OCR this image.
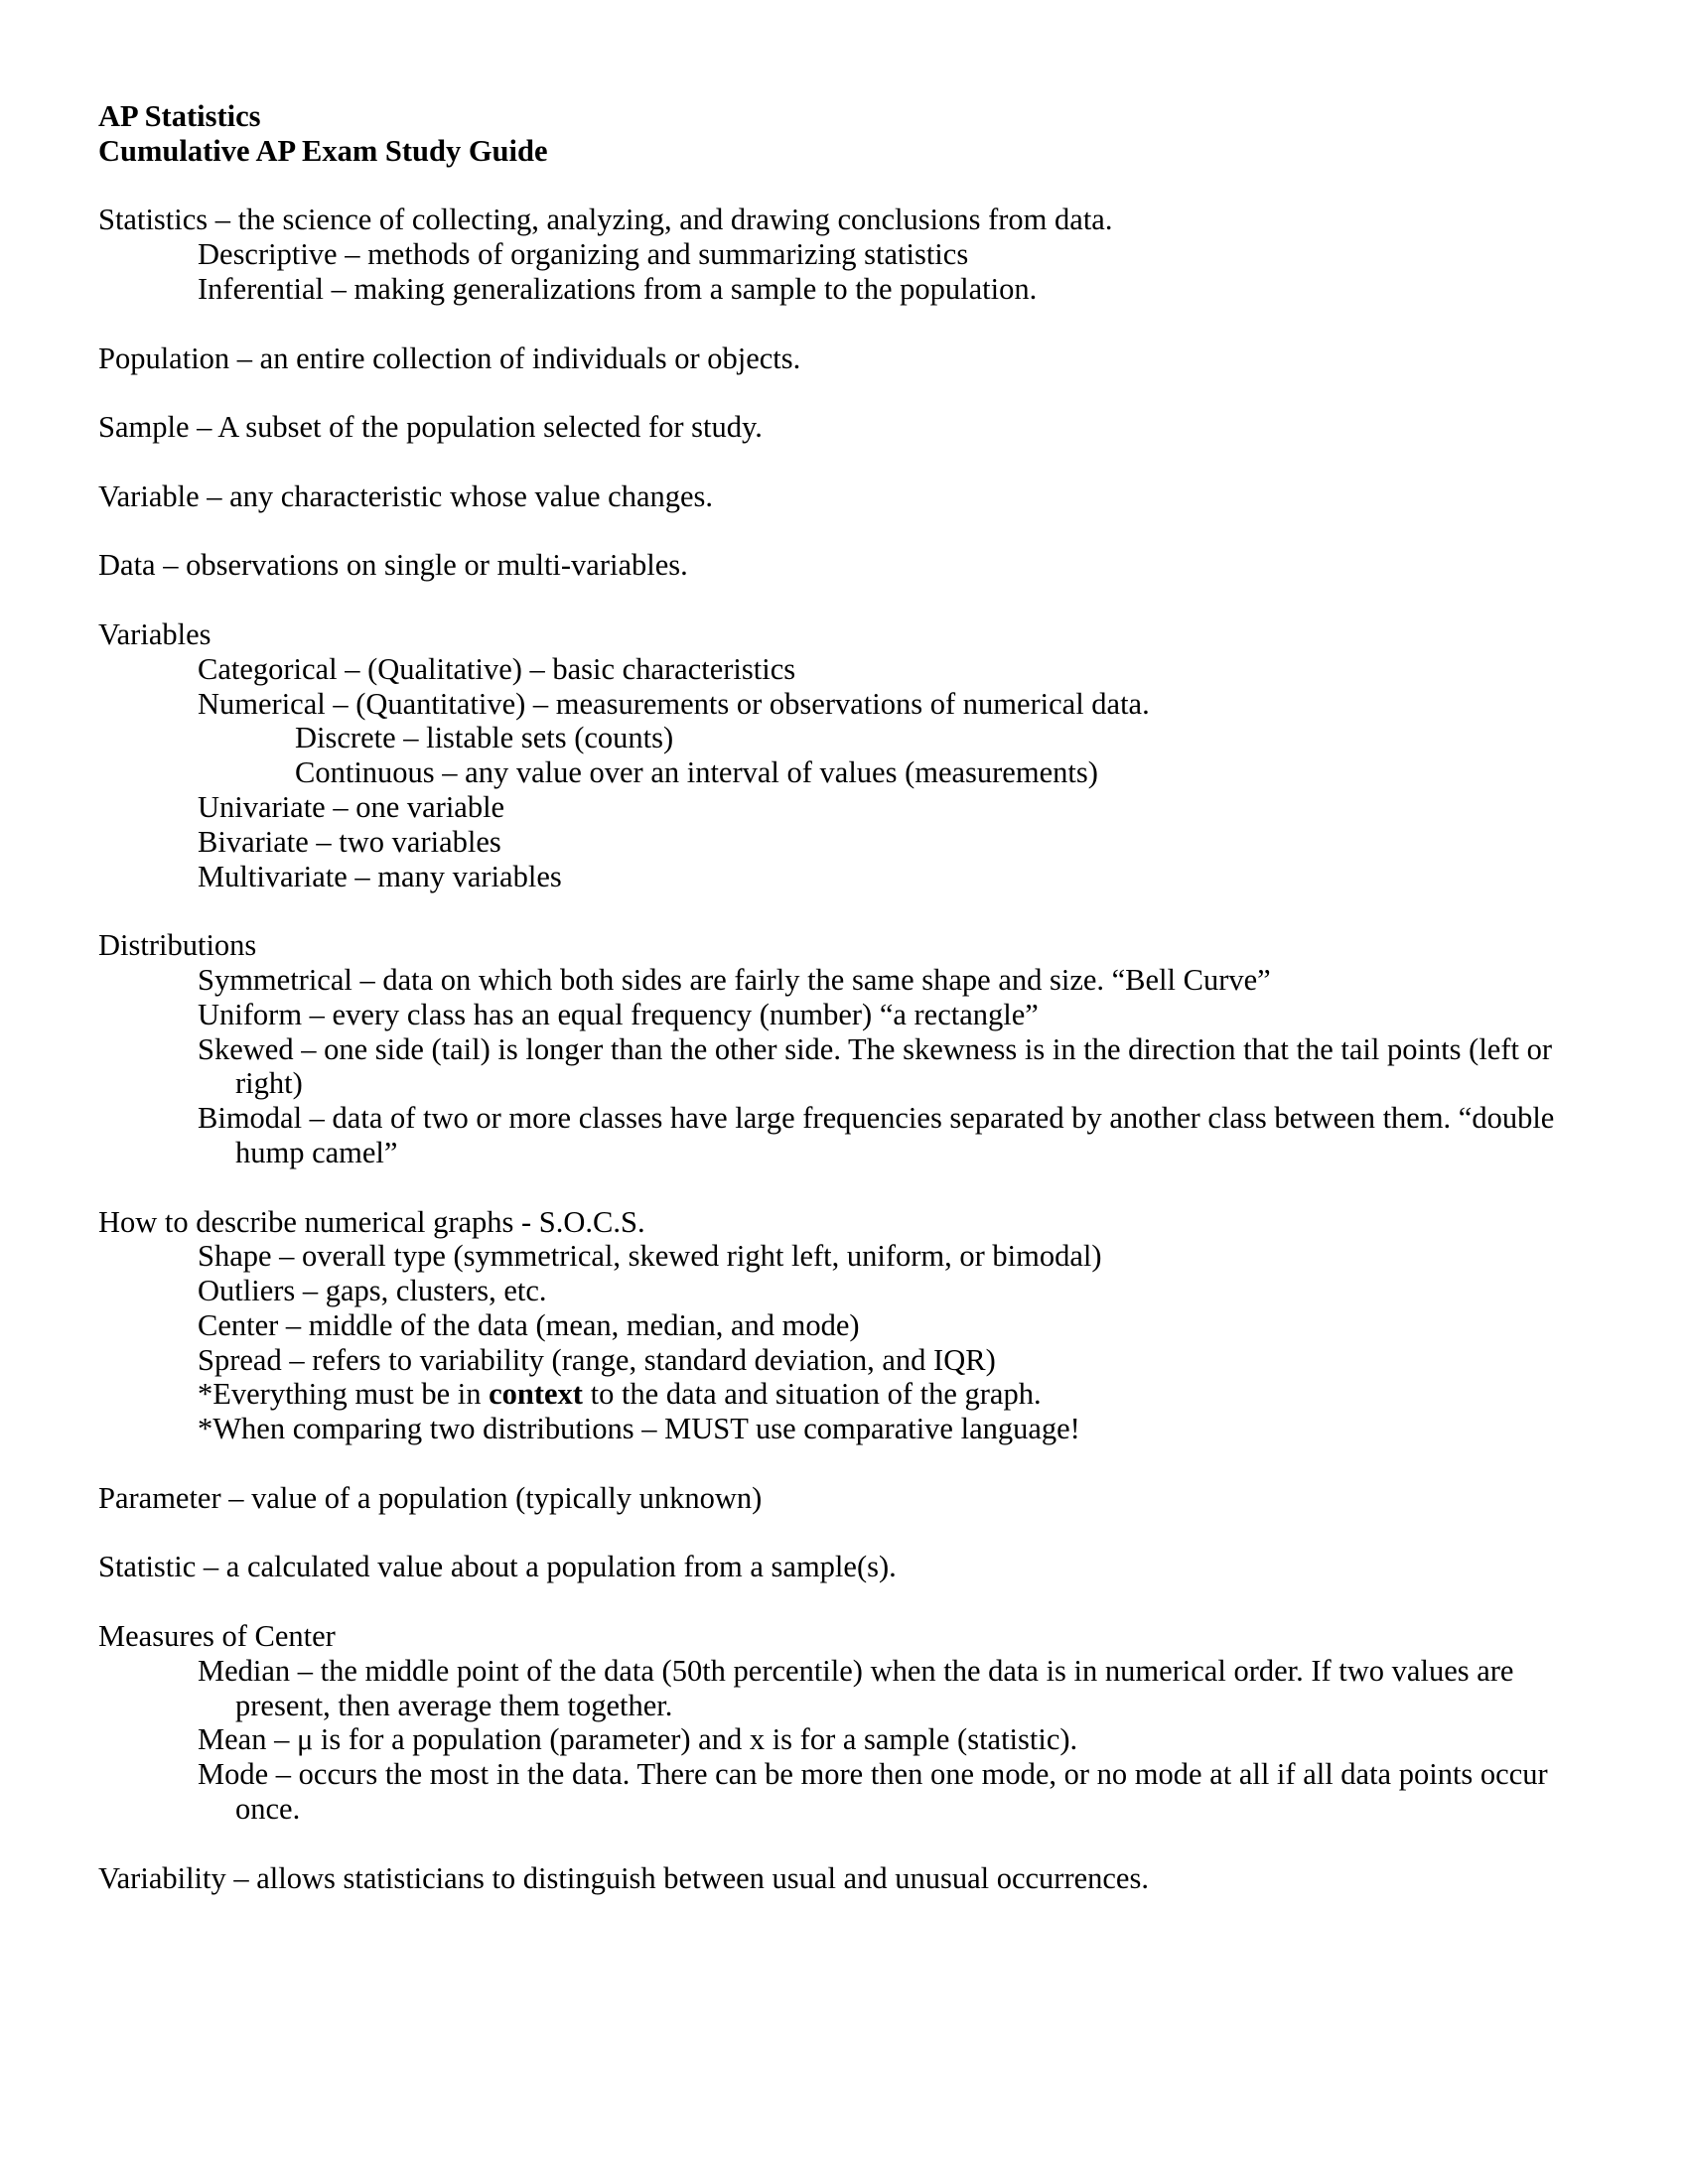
AP Statistics
Cumulative AP Exam Study Guide
Statistics – the science of collecting, analyzing, and drawing conclusions from data.
Descriptive – methods of organizing and summarizing statistics
Inferential – making generalizations from a sample to the population.
Population – an entire collection of individuals or objects.
Sample – A subset of the population selected for study.
Variable – any characteristic whose value changes.
Data – observations on single or multi-variables.
Variables
Categorical – (Qualitative) – basic characteristics
Numerical – (Quantitative) – measurements or observations of numerical data.
Discrete – listable sets (counts)
Continuous – any value over an interval of values (measurements)
Univariate – one variable
Bivariate – two variables
Multivariate – many variables
Distributions
Symmetrical – data on which both sides are fairly the same shape and size. “Bell Curve”
Uniform – every class has an equal frequency (number) “a rectangle”
Skewed – one side (tail) is longer than the other side. The skewness is in the direction that the tail points (left or
right)
Bimodal – data of two or more classes have large frequencies separated by another class between them. “double
hump camel”
How to describe numerical graphs - S.O.C.S.
Shape – overall type (symmetrical, skewed right left, uniform, or bimodal)
Outliers – gaps, clusters, etc.
Center – middle of the data (mean, median, and mode)
Spread – refers to variability (range, standard deviation, and IQR)
*Everything must be in context to the data and situation of the graph.
*When comparing two distributions – MUST use comparative language!
Parameter – value of a population (typically unknown)
Statistic – a calculated value about a population from a sample(s).
Measures of Center
Median – the middle point of the data (50th percentile) when the data is in numerical order. If two values are
present, then average them together.
Mean – μ is for a population (parameter) and x is for a sample (statistic).
Mode – occurs the most in the data. There can be more then one mode, or no mode at all if all data points occur
once.
Variability – allows statisticians to distinguish between usual and unusual occurrences.
